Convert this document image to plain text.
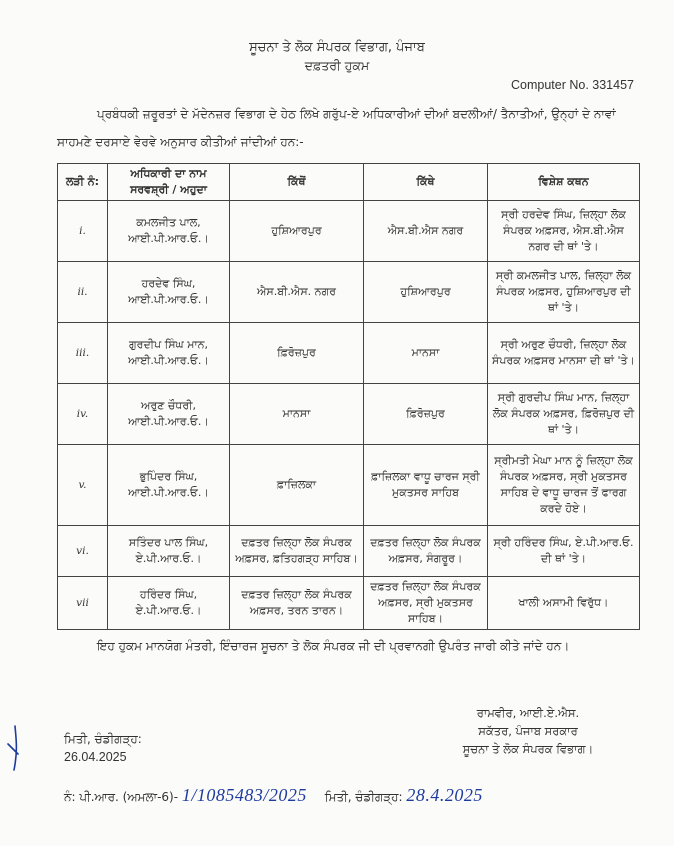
ਸੂਚਨਾ ਤੇ ਲੋਕ ਸੰਪਰਕ ਵਿਭਾਗ, ਪੰਜਾਬ
ਦਫ਼ਤਰੀ ਹੁਕਮ
Computer No. 331457
ਪ੍ਰਬੰਧਕੀ ਜ਼ਰੂਰਤਾਂ ਦੇ ਮੱਦੇਨਜ਼ਰ ਵਿਭਾਗ ਦੇ ਹੇਠ ਲਿਖੇ ਗਰੁੱਪ-ਏ ਅਧਿਕਾਰੀਆਂ ਦੀਆਂ ਬਦਲੀਆਂ/ ਤੈਨਾਤੀਆਂ, ਉਨ੍ਹਾਂ ਦੇ ਨਾਵਾਂ ਸਾਹਮਣੇ ਦਰਸਾਏ ਵੇਰਵੇ ਅਨੁਸਾਰ ਕੀਤੀਆਂ ਜਾਂਦੀਆਂ ਹਨ:-
ਲੜੀ ਨੰ:	ਅਧਿਕਾਰੀ ਦਾ ਨਾਮ ਸਰਵਸ਼੍ਰੀ / ਅਹੁਦਾ	ਕਿੱਥੋਂ	ਕਿੱਥੇ	ਵਿਸ਼ੇਸ਼ ਕਥਨ
i.	ਕਮਲਜੀਤ ਪਾਲ, ਆਈ.ਪੀ.ਆਰ.ਓ.।	ਹੁਸ਼ਿਆਰਪੁਰ	ਐਸ.ਬੀ.ਐਸ ਨਗਰ	ਸ੍ਰੀ ਹਰਦੇਵ ਸਿੰਘ, ਜ਼ਿਲ੍ਹਾ ਲੋਕ ਸੰਪਰਕ ਅਫ਼ਸਰ, ਐਸ.ਬੀ.ਐਸ ਨਗਰ ਦੀ ਥਾਂ 'ਤੇ।
ii.	ਹਰਦੇਵ ਸਿੰਘ, ਆਈ.ਪੀ.ਆਰ.ਓ.।	ਐਸ.ਬੀ.ਐਸ. ਨਗਰ	ਹੁਸ਼ਿਆਰਪੁਰ	ਸ੍ਰੀ ਕਮਲਜੀਤ ਪਾਲ, ਜ਼ਿਲ੍ਹਾ ਲੋਕ ਸੰਪਰਕ ਅਫ਼ਸਰ, ਹੁਸ਼ਿਆਰਪੁਰ ਦੀ ਥਾਂ 'ਤੇ।
iii.	ਗੁਰਦੀਪ ਸਿੰਘ ਮਾਨ, ਆਈ.ਪੀ.ਆਰ.ਓ.।	ਫ਼ਿਰੋਜ਼ਪੁਰ	ਮਾਨਸਾ	ਸ੍ਰੀ ਅਰੁਣ ਚੌਧਰੀ, ਜ਼ਿਲ੍ਹਾ ਲੋਕ ਸੰਪਰਕ ਅਫ਼ਸਰ ਮਾਨਸਾ ਦੀ ਥਾਂ 'ਤੇ।
iv.	ਅਰੁਣ ਚੌਧਰੀ, ਆਈ.ਪੀ.ਆਰ.ਓ.।	ਮਾਨਸਾ	ਫ਼ਿਰੋਜ਼ਪੁਰ	ਸ੍ਰੀ ਗੁਰਦੀਪ ਸਿੰਘ ਮਾਨ, ਜ਼ਿਲ੍ਹਾ ਲੋਕ ਸੰਪਰਕ ਅਫ਼ਸਰ, ਫ਼ਿਰੋਜ਼ਪੁਰ ਦੀ ਥਾਂ 'ਤੇ।
v.	ਭੁਪਿੰਦਰ ਸਿੰਘ, ਆਈ.ਪੀ.ਆਰ.ਓ.।	ਫ਼ਾਜ਼ਿਲਕਾ	ਫ਼ਾਜ਼ਿਲਕਾ ਵਾਧੂ ਚਾਰਜ ਸ੍ਰੀ ਮੁਕਤਸਰ ਸਾਹਿਬ	ਸ੍ਰੀਮਤੀ ਮੇਘਾ ਮਾਨ ਨੂੰ ਜ਼ਿਲ੍ਹਾ ਲੋਕ ਸੰਪਰਕ ਅਫ਼ਸਰ, ਸ੍ਰੀ ਮੁਕਤਸਰ ਸਾਹਿਬ ਦੇ ਵਾਧੂ ਚਾਰਜ ਤੋਂ ਫਾਰਗ ਕਰਦੇ ਹੋਏ।
vi.	ਸਤਿੰਦਰ ਪਾਲ ਸਿੰਘ, ਏ.ਪੀ.ਆਰ.ਓ.।	ਦਫ਼ਤਰ ਜ਼ਿਲ੍ਹਾ ਲੋਕ ਸੰਪਰਕ ਅਫ਼ਸਰ, ਫ਼ਤਿਹਗੜ੍ਹ ਸਾਹਿਬ।	ਦਫ਼ਤਰ ਜ਼ਿਲ੍ਹਾ ਲੋਕ ਸੰਪਰਕ ਅਫ਼ਸਰ, ਸੰਗਰੂਰ।	ਸ੍ਰੀ ਹਰਿੰਦਰ ਸਿੰਘ, ਏ.ਪੀ.ਆਰ.ਓ. ਦੀ ਥਾਂ 'ਤੇ।
vii	ਹਰਿੰਦਰ ਸਿੰਘ, ਏ.ਪੀ.ਆਰ.ਓ.।	ਦਫ਼ਤਰ ਜ਼ਿਲ੍ਹਾ ਲੋਕ ਸੰਪਰਕ ਅਫ਼ਸਰ, ਤਰਨ ਤਾਰਨ।	ਦਫ਼ਤਰ ਜ਼ਿਲ੍ਹਾ ਲੋਕ ਸੰਪਰਕ ਅਫ਼ਸਰ, ਸ੍ਰੀ ਮੁਕਤਸਰ ਸਾਹਿਬ।	ਖਾਲੀ ਅਸਾਮੀ ਵਿਰੁੱਧ।
ਇਹ ਹੁਕਮ ਮਾਨਯੋਗ ਮੰਤਰੀ, ਇੰਚਾਰਜ ਸੂਚਨਾ ਤੇ ਲੋਕ ਸੰਪਰਕ ਜੀ ਦੀ ਪ੍ਰਵਾਨਗੀ ਉਪਰੰਤ ਜਾਰੀ ਕੀਤੇ ਜਾਂਦੇ ਹਨ।
ਰਾਮਵੀਰ, ਆਈ.ਏ.ਐਸ.
ਸਕੱਤਰ, ਪੰਜਾਬ ਸਰਕਾਰ
ਸੂਚਨਾ ਤੇ ਲੋਕ ਸੰਪਰਕ ਵਿਭਾਗ।
ਮਿਤੀ, ਚੰਡੀਗੜ੍ਹ:
26.04.2025
ਨੰ: ਪੀ.ਆਰ. (ਅਮਲਾ-6)- 1/1085483/2025 ਮਿਤੀ, ਚੰਡੀਗੜ੍ਹ: 28.4.2025
